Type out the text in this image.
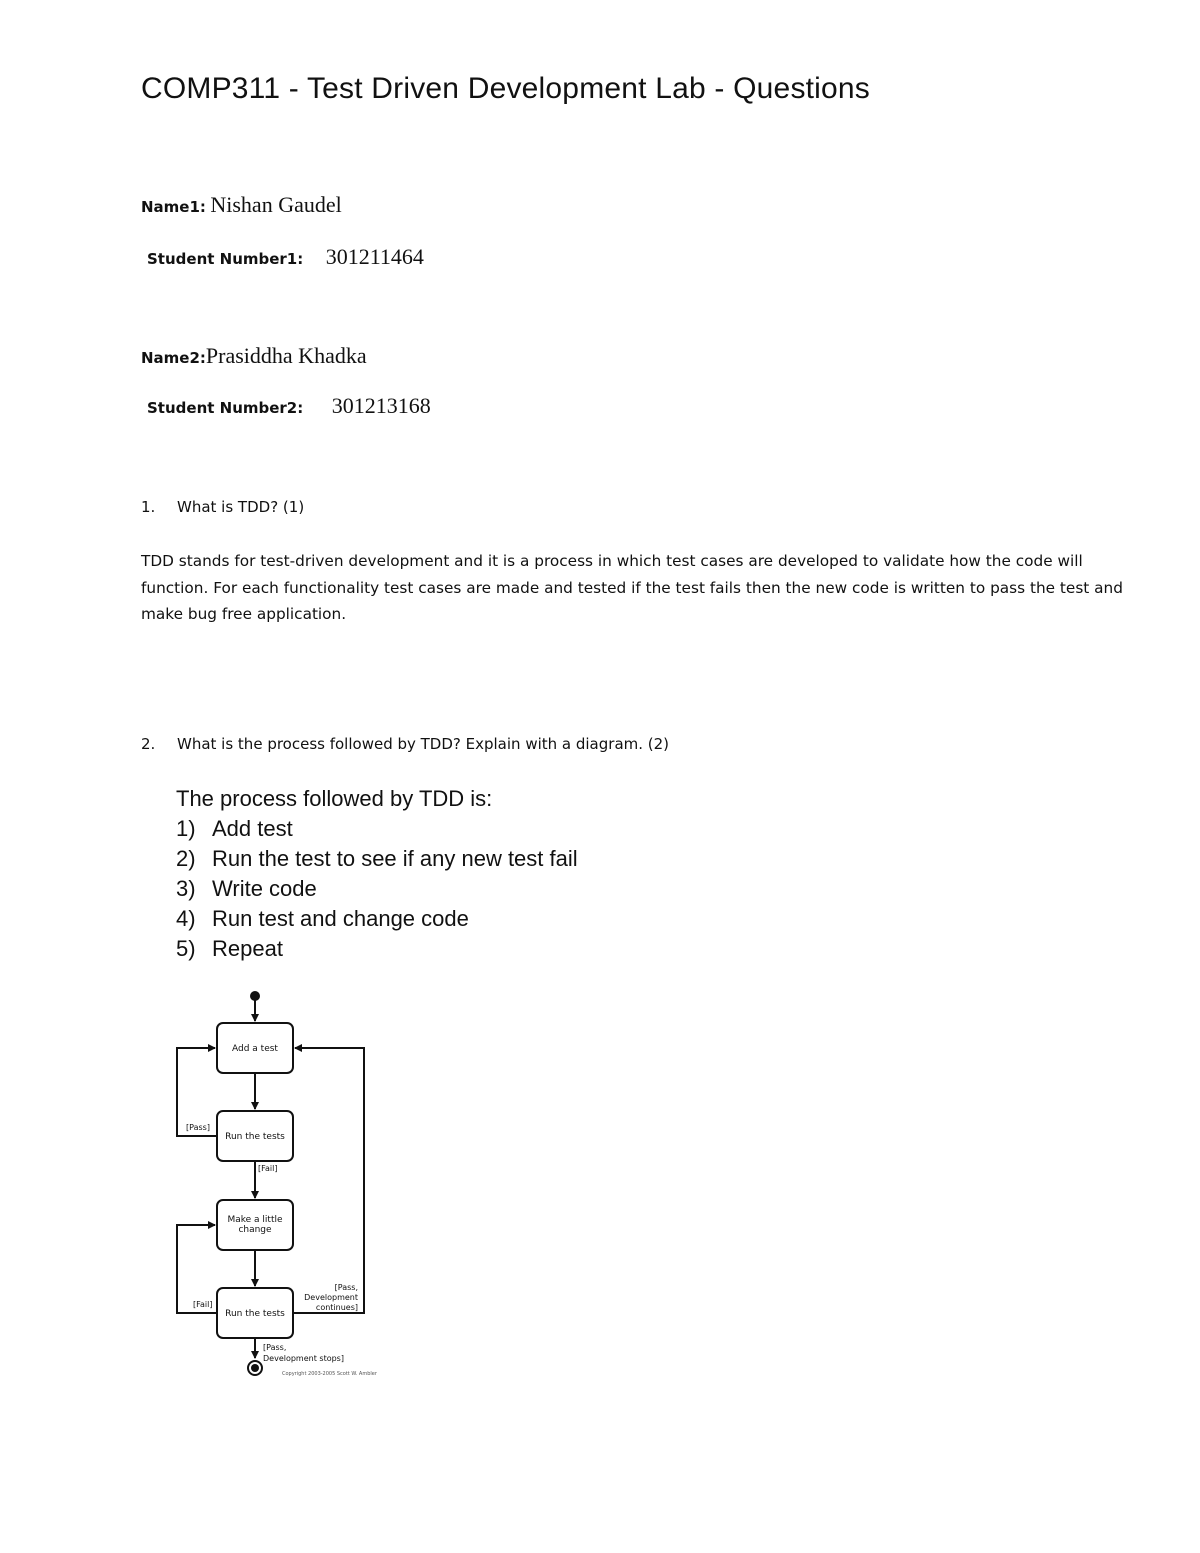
COMP311 - Test Driven Development Lab - Questions
Name1: Nishan Gaudel
Student Number1: 301211464
Name2:Prasiddha Khadka
Student Number2: 301213168
1. What is TDD? (1)
TDD stands for test-driven development and it is a process in which test cases are developed to validate how the code will function. For each functionality test cases are made and tested if the test fails then the new code is written to pass the test and make bug free application.
2. What is the process followed by TDD? Explain with a diagram. (2)
The process followed by TDD is:
1) Add test
2) Run the test to see if any new test fail
3) Write code
4) Run test and change code
5) Repeat
Add a test
Run the tests
Make a little
change
Run the tests
[Pass]
[Fail]
[Fail]
[Pass,
Development
continues]
[Pass,
Development stops]
Copyright 2003-2005 Scott W. Ambler
